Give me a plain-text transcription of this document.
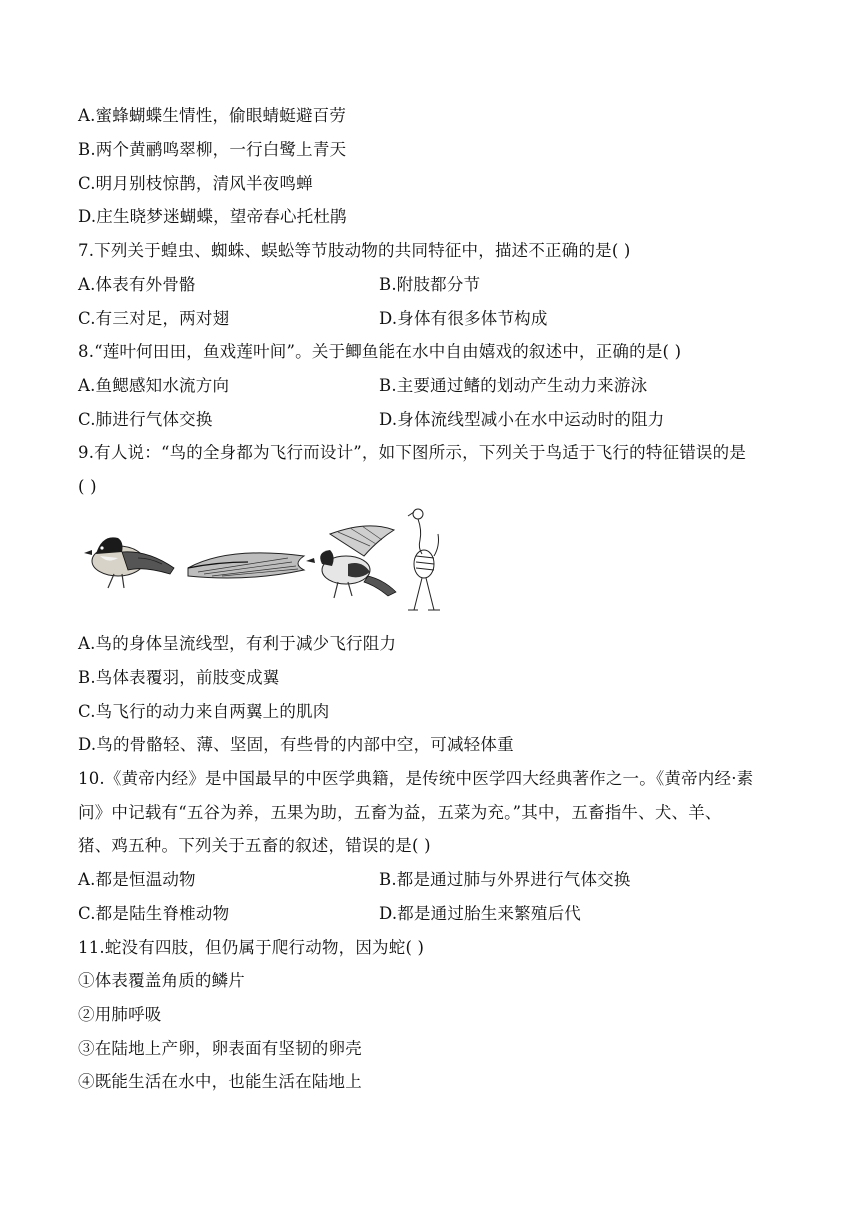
A.蜜蜂蝴蝶生情性，偷眼蜻蜓避百劳
B.两个黄鹂鸣翠柳，一行白鹭上青天
C.明月别枝惊鹊，清风半夜鸣蝉
D.庄生晓梦迷蝴蝶，望帝春心托杜鹃
7.下列关于蝗虫、蜘蛛、蜈蚣等节肢动物的共同特征中，描述不正确的是( )
A.体表有外骨骼	B.附肢都分节
C.有三对足，两对翅	D.身体有很多体节构成
8.“莲叶何田田，鱼戏莲叶间”。关于鲫鱼能在水中自由嬉戏的叙述中，正确的是( )
A.鱼鳃感知水流方向	B.主要通过鳍的划动产生动力来游泳
C.肺进行气体交换	D.身体流线型减小在水中运动时的阻力
9.有人说：“鸟的全身都为飞行而设计”，如下图所示，下列关于鸟适于飞行的特征错误的是
( )
A.鸟的身体呈流线型，有利于减少飞行阻力
B.鸟体表覆羽，前肢变成翼
C.鸟飞行的动力来自两翼上的肌肉
D.鸟的骨骼轻、薄、坚固，有些骨的内部中空，可减轻体重
10.《黄帝内经》是中国最早的中医学典籍，是传统中医学四大经典著作之一。《黄帝内经·素
问》中记载有“五谷为养，五果为助，五畜为益，五菜为充。”其中，五畜指牛、犬、羊、
猪、鸡五种。下列关于五畜的叙述，错误的是( )
A.都是恒温动物	B.都是通过肺与外界进行气体交换
C.都是陆生脊椎动物	D.都是通过胎生来繁殖后代
11.蛇没有四肢，但仍属于爬行动物，因为蛇( )
①体表覆盖角质的鳞片
②用肺呼吸
③在陆地上产卵，卵表面有坚韧的卵壳
④既能生活在水中，也能生活在陆地上
